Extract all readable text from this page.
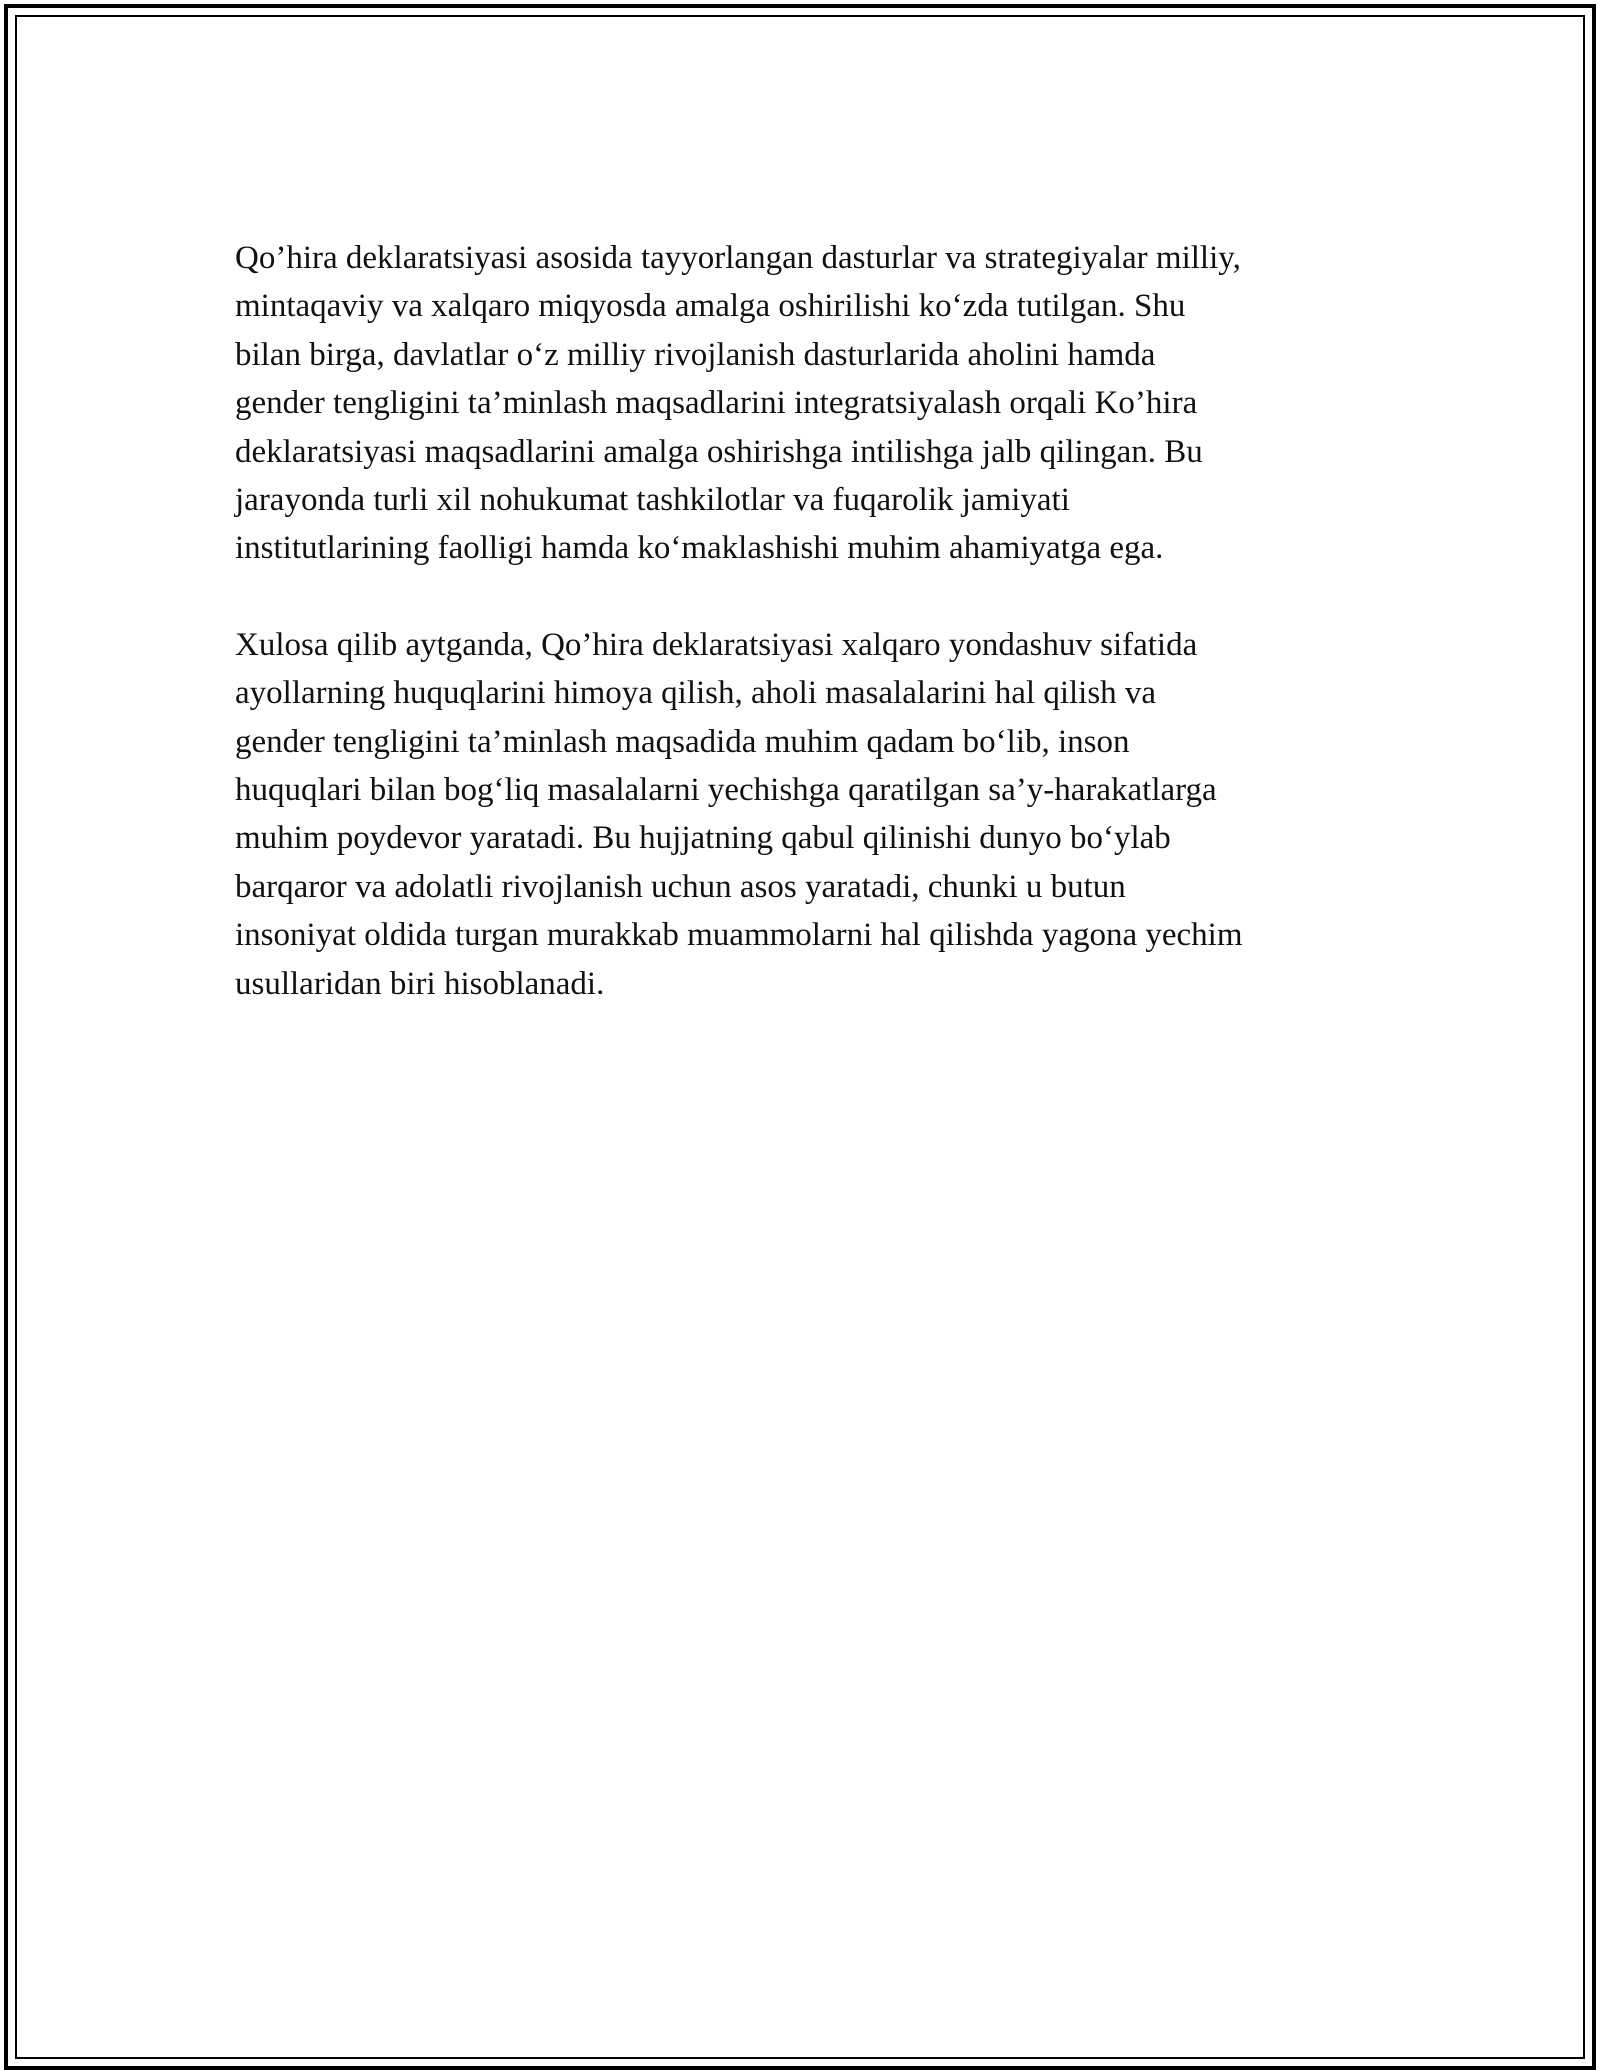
Qo’hira deklaratsiyasi asosida tayyorlangan dasturlar va strategiyalar milliy,
mintaqaviy va xalqaro miqyosda amalga oshirilishi ko‘zda tutilgan. Shu
bilan birga, davlatlar o‘z milliy rivojlanish dasturlarida aholini hamda
gender tengligini ta’minlash maqsadlarini integratsiyalash orqali Ko’hira
deklaratsiyasi maqsadlarini amalga oshirishga intilishga jalb qilingan. Bu
jarayonda turli xil nohukumat tashkilotlar va fuqarolik jamiyati
institutlarining faolligi hamda ko‘maklashishi muhim ahamiyatga ega.

Xulosa qilib aytganda, Qo’hira deklaratsiyasi xalqaro yondashuv sifatida
ayollarning huquqlarini himoya qilish, aholi masalalarini hal qilish va
gender tengligini ta’minlash maqsadida muhim qadam bo‘lib, inson
huquqlari bilan bog‘liq masalalarni yechishga qaratilgan sa’y-harakatlarga
muhim poydevor yaratadi. Bu hujjatning qabul qilinishi dunyo bo‘ylab
barqaror va adolatli rivojlanish uchun asos yaratadi, chunki u butun
insoniyat oldida turgan murakkab muammolarni hal qilishda yagona yechim
usullaridan biri hisoblanadi.
